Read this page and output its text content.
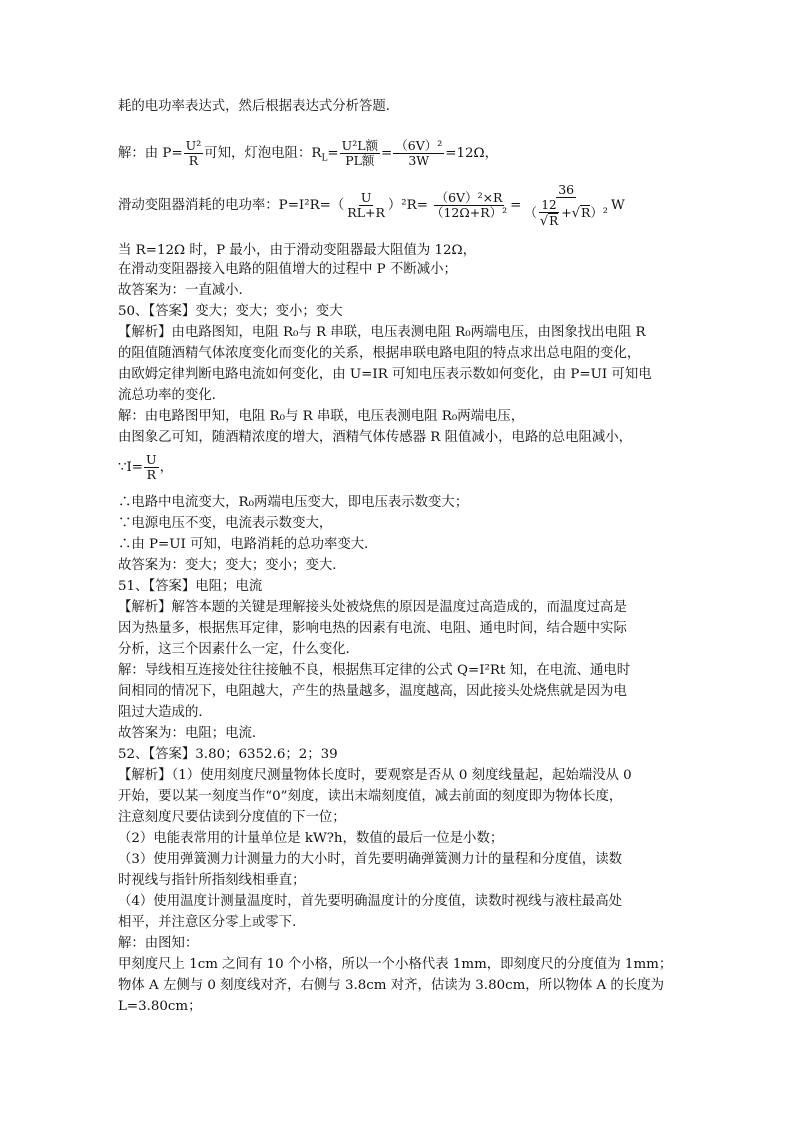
耗的电功率表达式，然后根据表达式分析答题．
解：由 $P= \frac{\text{U²}}{R}$ 可知，灯泡电阻：$R_L= \frac{\text{U²L额}}{\text{PL额}} = \frac{\text{（6V）²}}{3W} =12\Omega$，
滑动变阻器消耗的电功率：$P=I^2R=( \frac{U}{RL+R} )^2R= \frac{\text{（6V）²×R}}{\text{（12Ω+R）²}} = \frac{36}{( \frac{12}{√R} +√R)^2}$ W
当 R=12Ω 时，P 最小，由于滑动变阻器最大阻值为 12Ω，
在滑动变阻器接入电路的阻值增大的过程中 P 不断减小；
故答案为：一直减小．
50、【答案】变大；变大；变小；变大
【解析】由电路图知，电阻 R₀与 R 串联，电压表测电阻 R₀两端电压，由图象找出电阻 R
的阻值随酒精气体浓度变化而变化的关系，根据串联电路电阻的特点求出总电阻的变化，
由欧姆定律判断电路电流如何变化，由 U=IR 可知电压表示数如何变化，由 P=UI 可知电
流总功率的变化．
解：由电路图甲知，电阻 R₀与 R 串联，电压表测电阻 R₀两端电压，
由图象乙可知，随酒精浓度的增大，酒精气体传感器 R 阻值减小，电路的总电阻减小，
∵I= $\frac{U}{R}$ ，
∴电路中电流变大，R₀两端电压变大，即电压表示数变大；
∵电源电压不变，电流表示数变大，
∴由 P=UI 可知，电路消耗的总功率变大．
故答案为：变大；变大；变小；变大．
51、【答案】电阻；电流
【解析】解答本题的关键是理解接头处被烧焦的原因是温度过高造成的，而温度过高是
因为热量多，根据焦耳定律，影响电热的因素有电流、电阻、通电时间，结合题中实际
分析，这三个因素什么一定，什么变化．
解：导线相互连接处往往接触不良，根据焦耳定律的公式 Q=I²Rt 知，在电流、通电时
间相同的情况下，电阻越大，产生的热量越多，温度越高，因此接头处烧焦就是因为电
阻过大造成的．
故答案为：电阻；电流．
52、【答案】3.80；6352.6；2；39
【解析】（1）使用刻度尺测量物体长度时，要观察是否从 0 刻度线量起，起始端没从 0
开始，要以某一刻度当作“0”刻度，读出末端刻度值，减去前面的刻度即为物体长度，
注意刻度尺要估读到分度值的下一位；
（2）电能表常用的计量单位是 kW?h，数值的最后一位是小数；
（3）使用弹簧测力计测量力的大小时，首先要明确弹簧测力计的量程和分度值，读数
时视线与指针所指刻线相垂直；
（4）使用温度计测量温度时，首先要明确温度计的分度值，读数时视线与液柱最高处
相平，并注意区分零上或零下．
解：由图知：
甲刻度尺上 1cm 之间有 10 个小格，所以一个小格代表 1mm，即刻度尺的分度值为 1mm；
物体 A 左侧与 0 刻度线对齐，右侧与 3.8cm 对齐，估读为 3.80cm，所以物体 A 的长度为
L=3.80cm；
